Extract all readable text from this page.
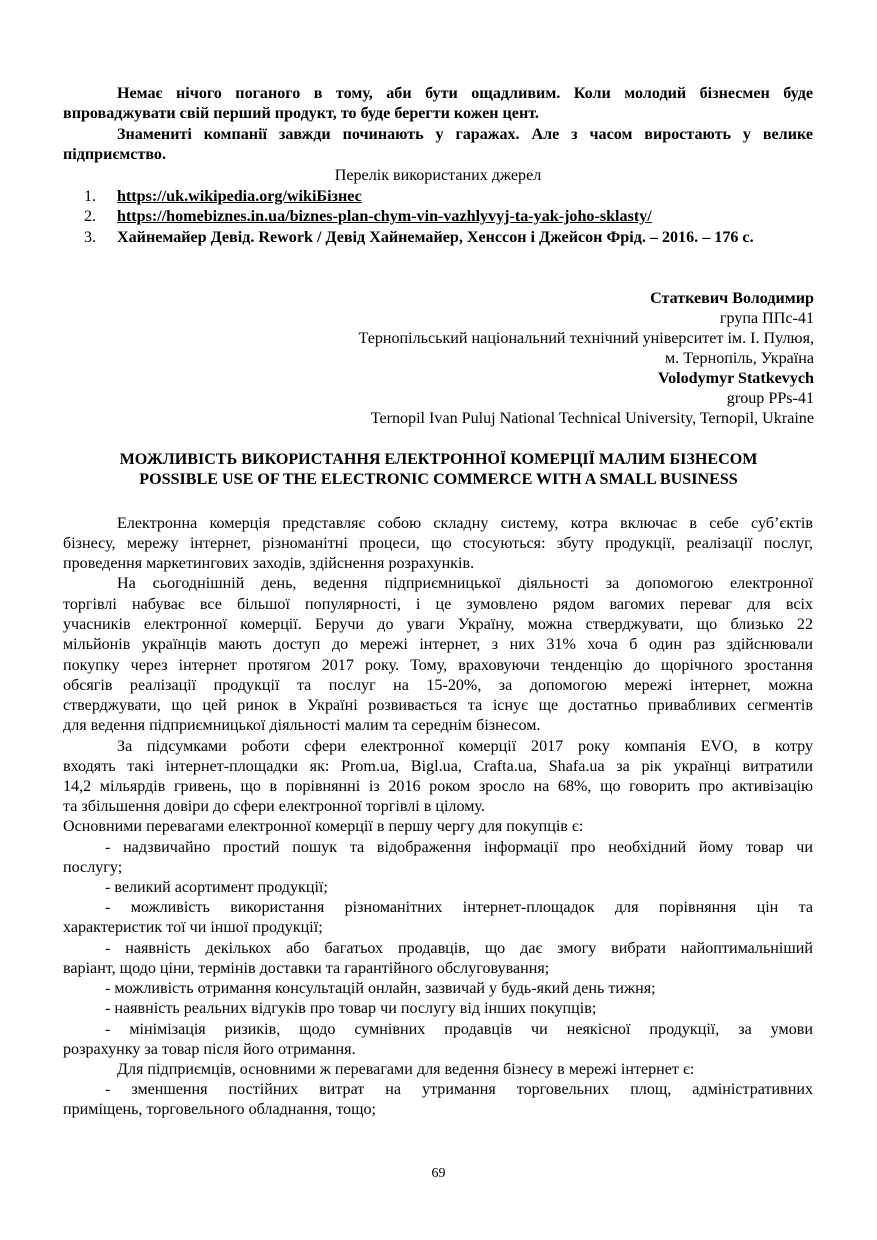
Немає нічого поганого в тому, аби бути ощадливим. Коли молодий бізнесмен буде
впроваджувати свій перший продукт, то буде берегти кожен цент.
Знамениті компанії завжди починають у гаражах. Але з часом виростають у велике
підприємство.
Перелік використаних джерел
1. https://uk.wikipedia.org/wikiБізнес
2. https://homebiznes.in.ua/biznes-plan-chym-vin-vazhlyvyj-ta-yak-joho-sklasty/
3. Хайнемайер Девід. Rework / Девід Хайнемайер, Хенссон і Джейсон Фрід. – 2016. – 176 с.
Статкевич Володимир
група ППс-41
Тернопільський національний технічний університет ім. І. Пулюя,
м. Тернопіль, Україна
Volodymyr Statkevych
group PPs-41
Ternopil Ivan Puluj National Technical University, Ternopil, Ukraine
МОЖЛИВІСТЬ ВИКОРИСТАННЯ ЕЛЕКТРОННОЇ КОМЕРЦІЇ МАЛИМ БІЗНЕСОМ
POSSIBLE USE OF THE ELECTRONIC COMMERCE WITH A SMALL BUSINESS
Електронна комерція представляє собою складну систему, котра включає в себе суб’єктів
бізнесу, мережу інтернет, різноманітні процеси, що стосуються: збуту продукції, реалізації послуг,
проведення маркетингових заходів, здійснення розрахунків.
На сьогоднішній день, ведення підприємницької діяльності за допомогою електронної
торгівлі набуває все більшої популярності, і це зумовлено рядом вагомих переваг для всіх
учасників електронної комерції. Беручи до уваги Україну, можна стверджувати, що близько 22
мільйонів українців мають доступ до мережі інтернет, з них 31% хоча б один раз здійснювали
покупку через інтернет протягом 2017 року. Тому, враховуючи тенденцію до щорічного зростання
обсягів реалізації продукції та послуг на 15-20%, за допомогою мережі інтернет, можна
стверджувати, що цей ринок в Україні розвивається та існує ще достатньо привабливих сегментів
для ведення підприємницької діяльності малим та середнім бізнесом.
За підсумками роботи сфери електронної комерції 2017 року компанія EVO, в котру
входять такі інтернет-площадки як: Prom.ua, Bigl.ua, Crafta.ua, Shafa.ua за рік українці витратили
14,2 мільярдів гривень, що в порівнянні із 2016 роком зросло на 68%, що говорить про активізацію
та збільшення довіри до сфери електронної торгівлі в цілому.
Основними перевагами електронної комерції в першу чергу для покупців є:
- надзвичайно простий пошук та відображення інформації про необхідний йому товар чи
послугу;
- великий асортимент продукції;
- можливість використання різноманітних інтернет-площадок для порівняння цін та
характеристик тої чи іншої продукції;
- наявність декількох або багатьох продавців, що дає змогу вибрати найоптимальніший
варіант, щодо ціни, термінів доставки та гарантійного обслуговування;
- можливість отримання консультацій онлайн, зазвичай у будь-який день тижня;
- наявність реальних відгуків про товар чи послугу від інших покупців;
- мінімізація ризиків, щодо сумнівних продавців чи неякісної продукції, за умови
розрахунку за товар після його отримання.
Для підприємців, основними ж перевагами для ведення бізнесу в мережі інтернет є:
- зменшення постійних витрат на утримання торговельних площ, адміністративних
приміщень, торговельного обладнання, тощо;
69
